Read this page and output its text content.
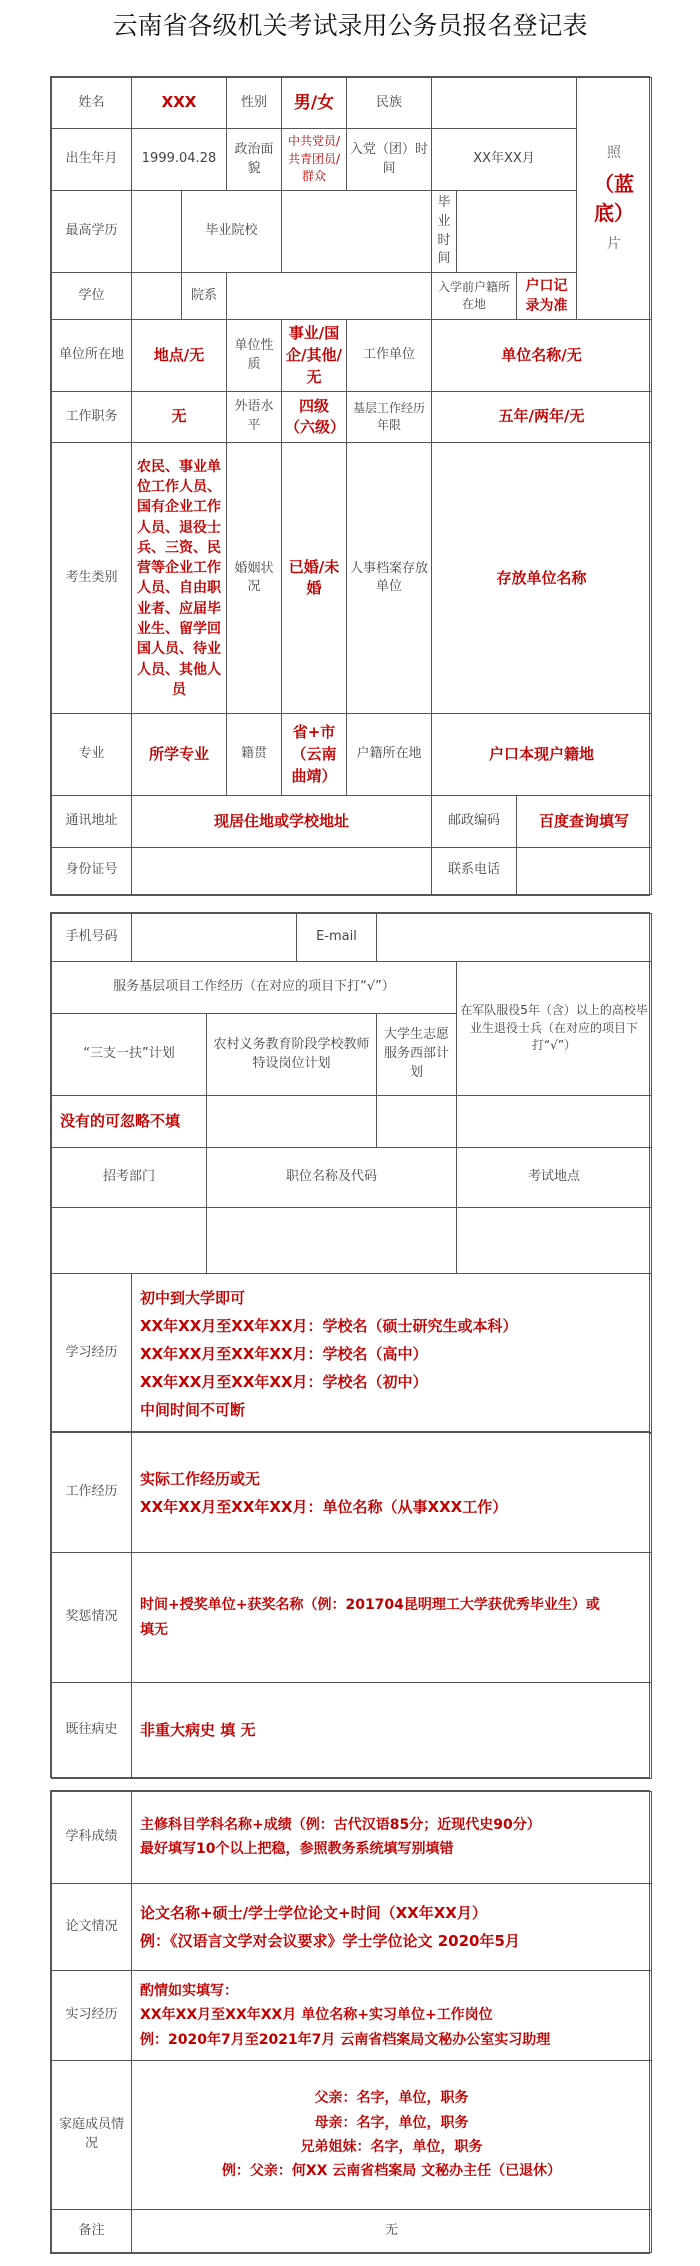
云南省各级机关考试录用公务员报名登记表
姓名	XXX		性别	男/女	民族				照
（蓝底）
片

出生年月	1999.04.28		政治面貌	中共党员/共青团员/群众	入党（团）时间	XX年XX月			
最高学历		毕业院校				毕业时间			
学位		院系				入学前户籍所在地		户口记录为准	
单位所在地	地点/无		单位性质	事业/国企/其他/无	工作单位	单位名称/无			
工作职务	无		外语水平	四级（六级）	基层工作经历年限	五年/两年/无			
考生类别	农民、事业单位工作人员、国有企业工作人员、退役士兵、三资、民营等企业工作人员、自由职业者、应届毕业生、留学回国人员、待业人员、其他人员		婚姻状况	已婚/未婚	人事档案存放单位	存放单位名称			
专业	所学专业		籍贯	省+市（云南曲靖）	户籍所在地	户口本现户籍地			
通讯地址	现居住地或学校地址					邮政编码		百度查询填写	
身份证号						联系电话			
手机号码			E-mail		
服务基层项目工作经历（在对应的项目下打“√”）					在军队服役5年（含）以上的高校毕业生退役士兵（在对应的项目下打“√”）
“三支一扶”计划		农村义务教育阶段学校教师特设岗位计划		大学生志愿服务西部计划	
没有的可忽略不填					
招考部门		职位名称及代码			考试地点

学习经历	初中到大学即可
XX年XX月至XX年XX月：学校名（硕士研究生或本科）
XX年XX月至XX年XX月：学校名（高中）
XX年XX月至XX年XX月：学校名（初中）
中间时间不可断				
工作经历	实际工作经历或无
XX年XX月至XX年XX月：单位名称（从事XXX工作）

奖惩情况	时间+授奖单位+获奖名称（例：201704昆明理工大学获优秀毕业生）或
填无

既往病史	非重大病史 填 无
学科成绩	主修科目学科名称+成绩（例：古代汉语85分；近现代史90分）
最好填写10个以上把稳，参照教务系统填写别填错

论文情况	论文名称+硕士/学士学位论文+时间（XX年XX月）
例：《汉语言文学对会议要求》学士学位论文 2020年5月

实习经历	酌情如实填写：
XX年XX月至XX年XX月 单位名称+实习单位+工作岗位
例：2020年7月至2021年7月 云南省档案局文秘办公室实习助理

家庭成员情况	父亲：名字，单位，职务
母亲：名字，单位，职务
兄弟姐妹：名字，单位，职务
例：父亲：何XX 云南省档案局 文秘办主任（已退休）

备注	无
